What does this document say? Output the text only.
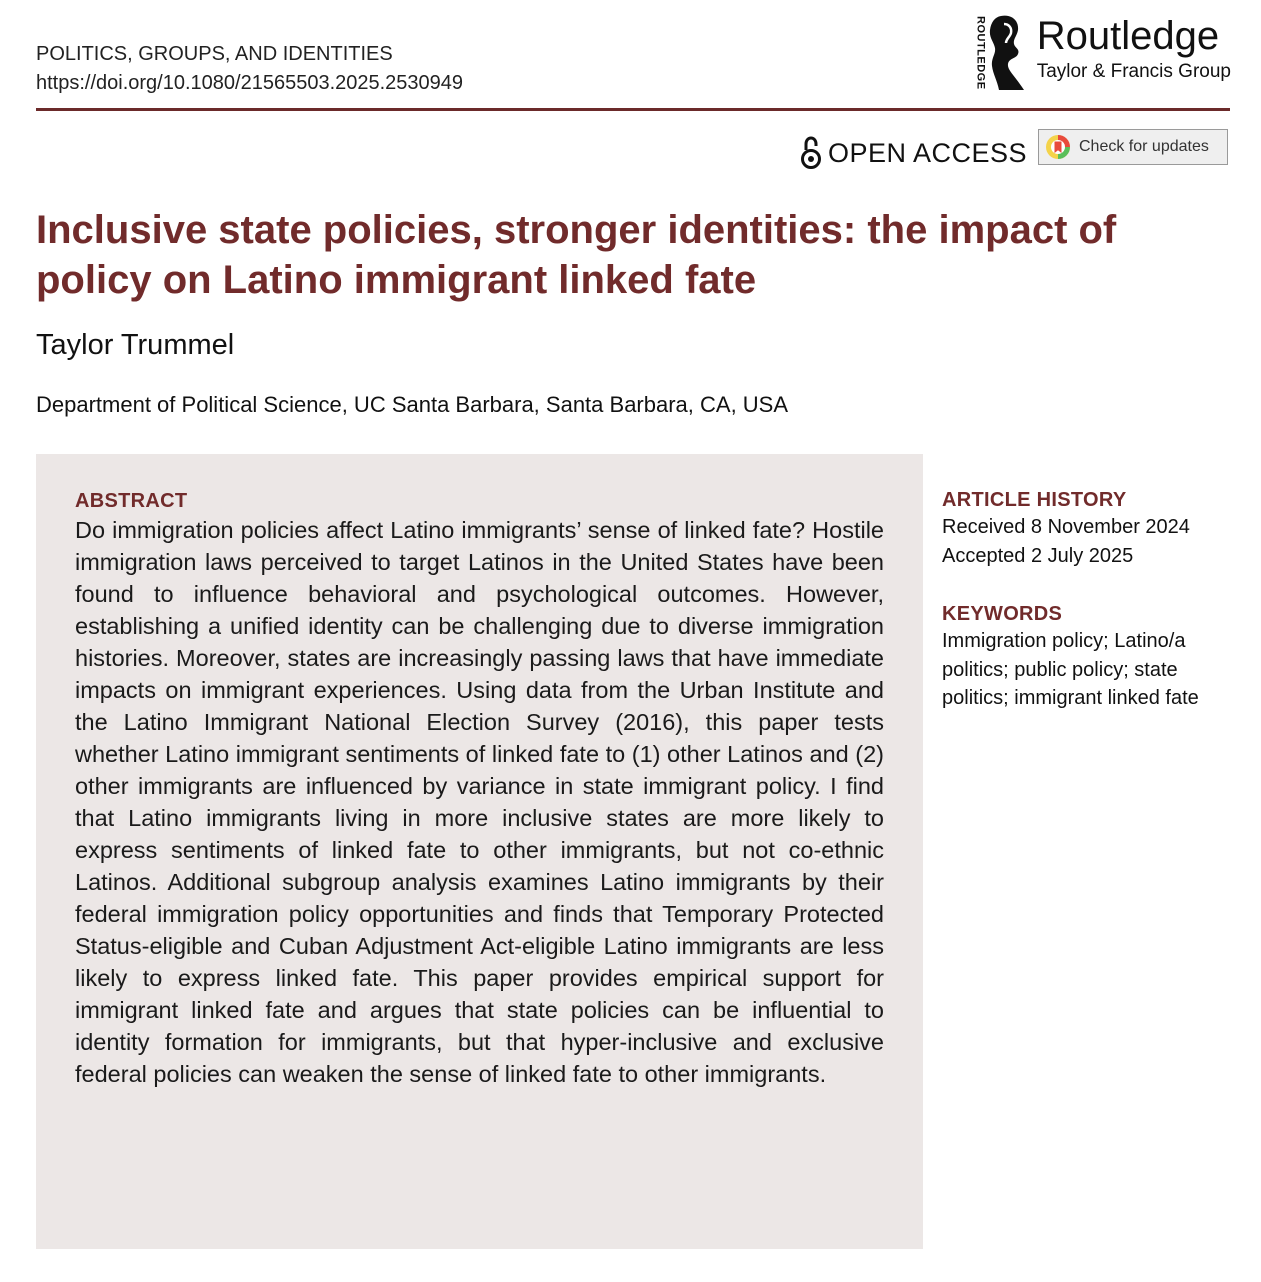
POLITICS, GROUPS, AND IDENTITIES
https://doi.org/10.1080/21565503.2025.2530949	ROUTLEDGE Routledge
Taylor & Francis Group
OPEN ACCESS	Check for updates
Inclusive state policies, stronger identities: the impact of policy on Latino immigrant linked fate
Taylor Trummel
Department of Political Science, UC Santa Barbara, Santa Barbara, CA, USA
ABSTRACT

Do immigration policies affect Latino immigrants’ sense of linked fate? Hostile immigration laws perceived to target Latinos in the United States have been found to influence behavioral and psychological outcomes. However, establishing a unified identity can be challenging due to diverse immigration histories. Moreover, states are increasingly passing laws that have immediate impacts on immigrant experiences. Using data from the Urban Institute and the Latino Immigrant National Election Survey (2016), this paper tests whether Latino immigrant sentiments of linked fate to (1) other Latinos and (2) other immigrants are influenced by variance in state immigrant policy. I find that Latino immigrants living in more inclusive states are more likely to express sentiments of linked fate to other immigrants, but not co-ethnic Latinos. Additional subgroup analysis examines Latino immigrants by their federal immigration policy opportunities and finds that Temporary Protected Status-eligible and Cuban Adjustment Act-eligible Latino immigrants are less likely to express linked fate. This paper provides empirical support for immigrant linked fate and argues that state policies can be influential to identity formation for immigrants, but that hyper-inclusive and exclusive federal policies can weaken the sense of linked fate to other immigrants.

ARTICLE HISTORY
Received 8 November 2024
Accepted 2 July 2025
KEYWORDS
Immigration policy; Latino/a politics; public policy; state politics; immigrant linked fate
